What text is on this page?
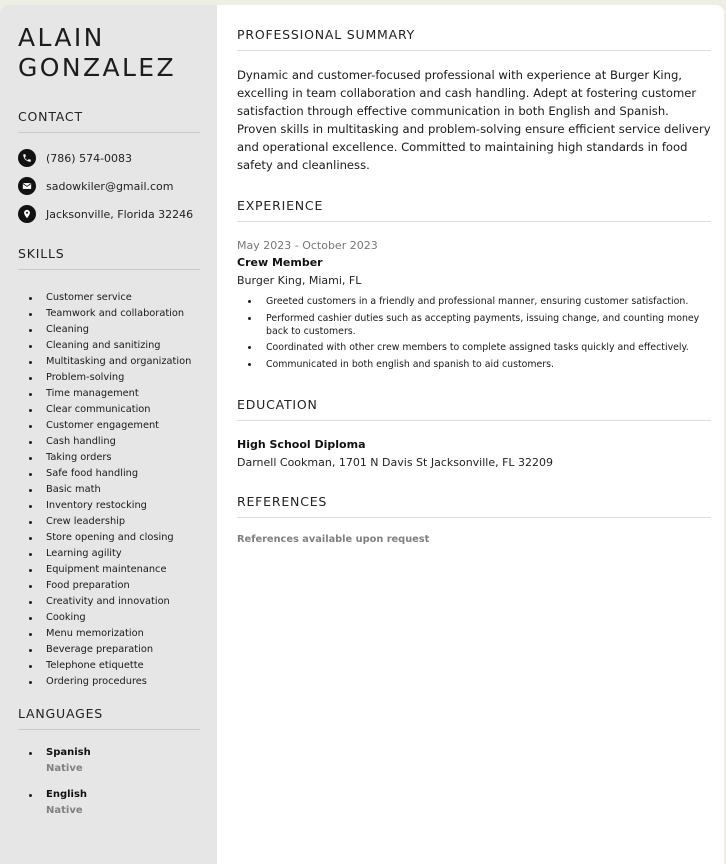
ALAIN
GONZALEZ
CONTACT
(786) 574-0083
sadowkiler@gmail.com
Jacksonville, Florida 32246
SKILLS
Customer service
Teamwork and collaboration
Cleaning
Cleaning and sanitizing
Multitasking and organization
Problem-solving
Time management
Clear communication
Customer engagement
Cash handling
Taking orders
Safe food handling
Basic math
Inventory restocking
Crew leadership
Store opening and closing
Learning agility
Equipment maintenance
Food preparation
Creativity and innovation
Cooking
Menu memorization
Beverage preparation
Telephone etiquette
Ordering procedures
LANGUAGES
Spanish
Native
English
Native
PROFESSIONAL SUMMARY

Dynamic and customer-focused professional with experience at Burger King, excelling in team collaboration and cash handling. Adept at fostering customer satisfaction through effective communication in both English and Spanish. Proven skills in multitasking and problem-solving ensure efficient service delivery and operational excellence. Committed to maintaining high standards in food safety and cleanliness.

EXPERIENCE
May 2023 - October 2023
Crew Member
Burger King, Miami, FL
Greeted customers in a friendly and professional manner, ensuring customer satisfaction.
Performed cashier duties such as accepting payments, issuing change, and counting money back to customers.
Coordinated with other crew members to complete assigned tasks quickly and effectively.
Communicated in both english and spanish to aid customers.
EDUCATION
High School Diploma
Darnell Cookman, 1701 N Davis St Jacksonville, FL 32209
REFERENCES
References available upon request
